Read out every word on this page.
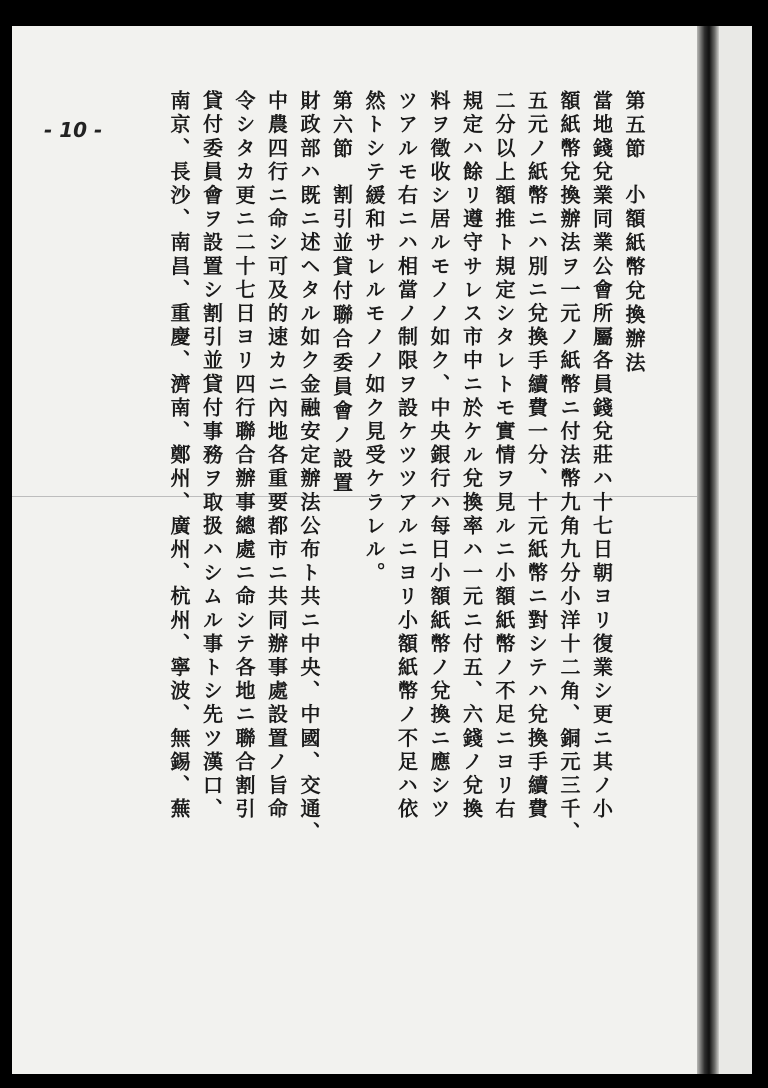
- 10 -	第五節小額紙幣兌換辦法

當地錢兌業同業公會所屬各員錢兌莊ハ十七日朝ヨリ復業シ更ニ其ノ小

額紙幣兌換辦法ヲ一元ノ紙幣ニ付法幣九角九分小洋十二角、銅元三千、

五元ノ紙幣ニハ別ニ兌換手續費一分、十元紙幣ニ對シテハ兌換手續費

二分以上額推ト規定シタレトモ實情ヲ見ルニ小額紙幣ノ不足ニヨリ右

規定ハ餘リ遵守サレス市中ニ於ケル兌換率ハ一元ニ付五、六錢ノ兌換

料ヲ徵收シ居ルモノノ如ク、中央銀行ハ每日小額紙幣ノ兌換ニ應シツ

ツアルモ右ニハ相當ノ制限ヲ設ケツツアルニヨリ小額紙幣ノ不足ハ依

然トシテ緩和サレルモノノ如ク見受ケラレル。

第六節割引並貸付聯合委員會ノ設置

財政部ハ既ニ述ヘタル如ク金融安定辦法公布ト共ニ中央、中國、交通、

中農四行ニ命シ可及的速カニ內地各重要都市ニ共同辦事處設置ノ旨命

令シタカ更ニ二十七日ヨリ四行聯合辦事總處ニ命シテ各地ニ聯合割引

貸付委員會ヲ設置シ割引並貸付事務ヲ取扱ハシムル事トシ先ツ漢口、

南京、長沙、南昌、重慶、濟南、鄭州、廣州、杭州、寧波、無錫、蕪
